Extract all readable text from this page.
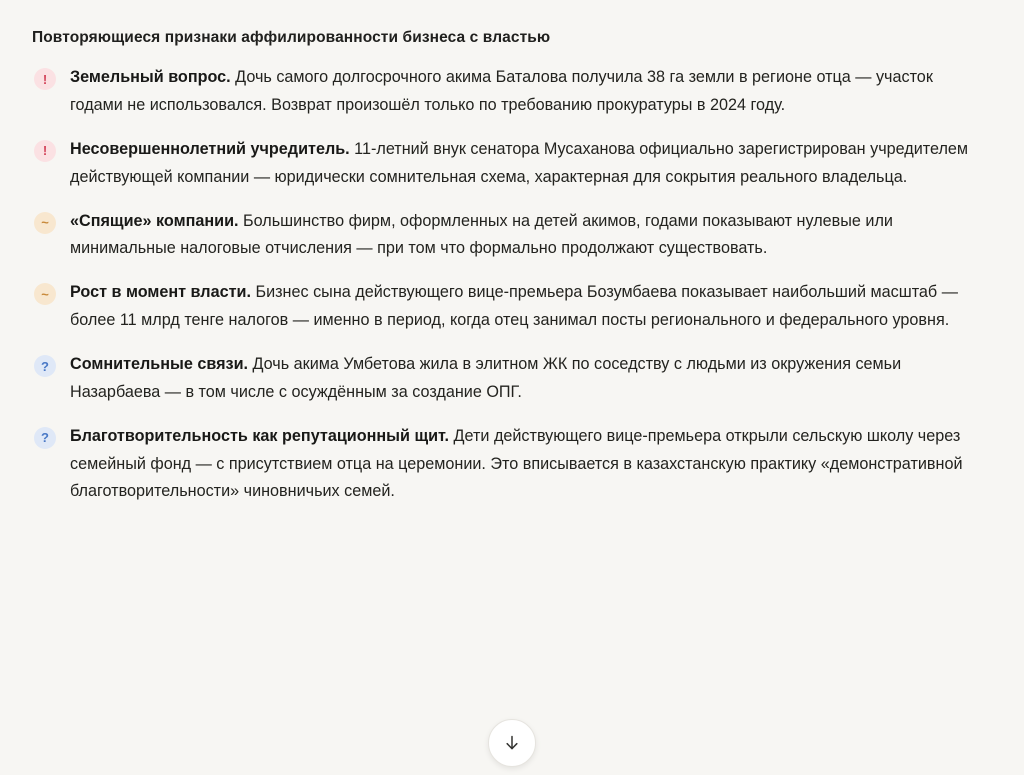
Повторяющиеся признаки аффилированности бизнеса с властью
!	Земельный вопрос. Дочь самого долгосрочного акима Баталова получила 38 га земли в регионе отца — участок годами не использовался. Возврат произошёл только по требованию прокуратуры в 2024 году.
!	Несовершеннолетний учредитель. 11-летний внук сенатора Мусаханова официально зарегистрирован учредителем действующей компании — юридически сомнительная схема, характерная для сокрытия реального владельца.
~	«Спящие» компании. Большинство фирм, оформленных на детей акимов, годами показывают нулевые или минимальные налоговые отчисления — при том что формально продолжают существовать.
~	Рост в момент власти. Бизнес сына действующего вице-премьера Бозумбаева показывает наибольший масштаб — более 11 млрд тенге налогов — именно в период, когда отец занимал посты регионального и федерального уровня.
?	Сомнительные связи. Дочь акима Умбетова жила в элитном ЖК по соседству с людьми из окружения семьи Назарбаева — в том числе с осуждённым за создание ОПГ.
?	Благотворительность как репутационный щит. Дети действующего вице-премьера открыли сельскую школу через семейный фонд — с присутствием отца на церемонии. Это вписывается в казахстанскую практику «демонстративной благотворительности» чиновничьих семей.
